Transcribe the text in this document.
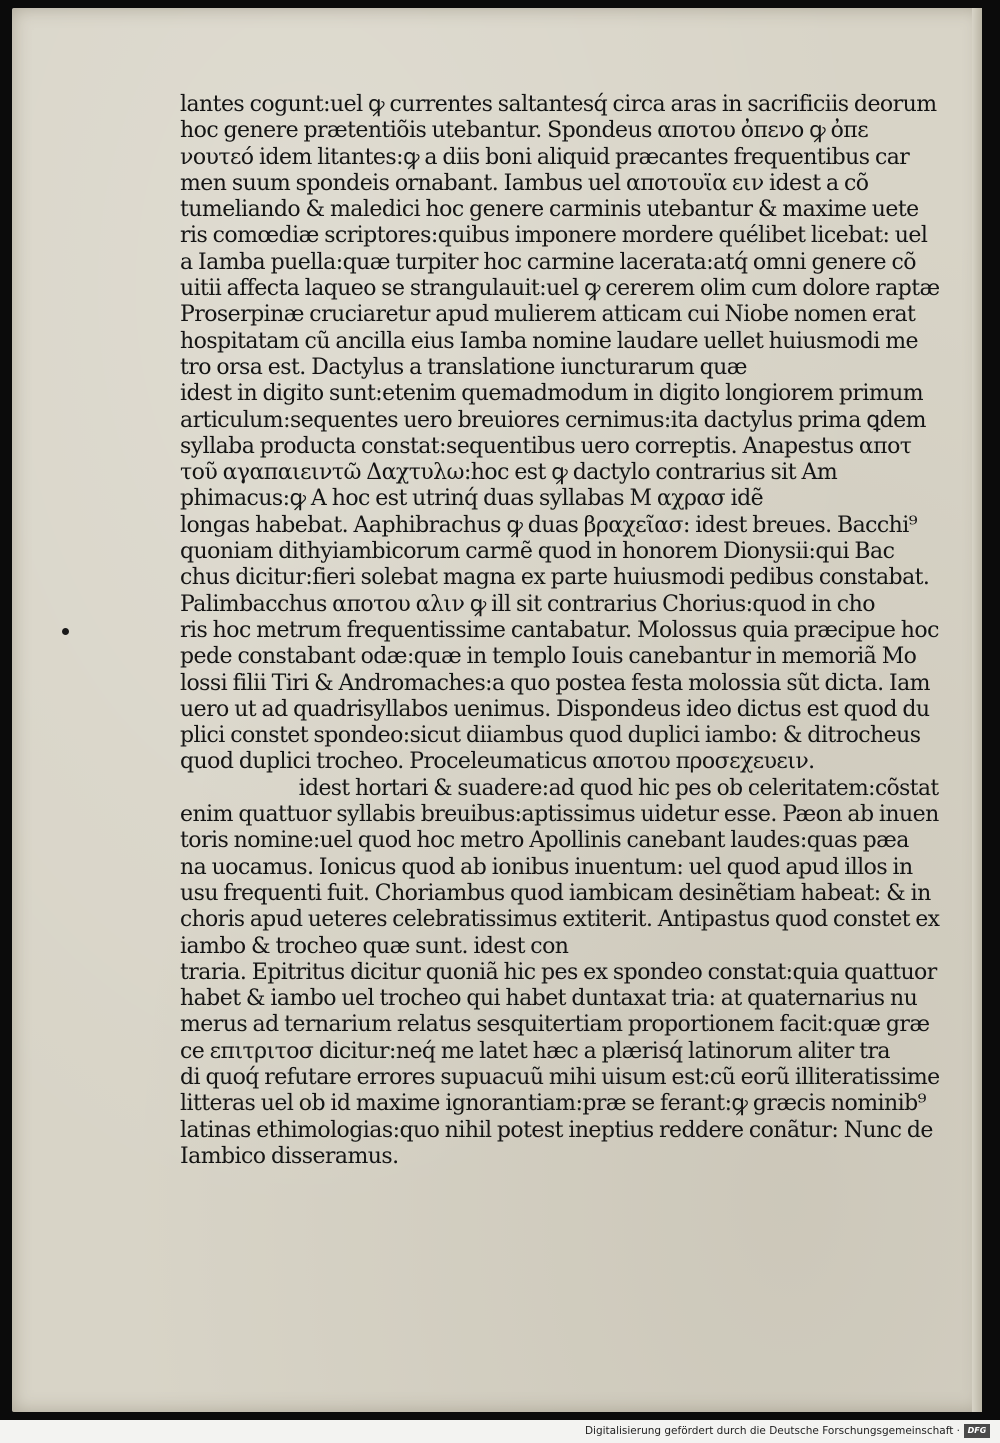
lantes cogunt:uel ꝙ currentes saltantesq́ circa aras in sacrificiis deorum
hoc genere prætentiõis utebantur. Spondeus αποτου ὀπενο ꝙ ὀπε
νουτεό idem litantes:ꝙ a diis boni aliquid præcantes frequentibus car
men suum spondeis ornabant. Iambus uel αποτουϊα ειν idest a cõ
tumeliando & maledici hoc genere carminis utebantur & maxime uete
ris comœdiæ scriptores:quibus imponere mordere quélibet licebat: uel
a Iamba puella:quæ turpiter hoc carmine lacerata:atq́ omni genere cõ
uitii affecta laqueo se strangulauit:uel ꝙ cererem olim cum dolore raptæ
Proserpinæ cruciaretur apud mulierem atticam cui Niobe nomen erat
hospitatam cũ ancilla eius Iamba nomine laudare uellet huiusmodi me
tro orsa est. Dactylus a translatione iuncturarum quæ
idest in digito sunt:etenim quemadmodum in digito longiorem primum
articulum:sequentes uero breuiores cernimus:ita dactylus prima ꝗdem
syllaba producta constat:sequentibus uero correptis. Anapestus αποτ
τοῦ αγαπαιειντῶ Δαχτυλω:hoc est ꝙ dactylo contrarius sit Am
phimacus:ꝙ A hoc est utrinq́ duas syllabas Μ αχρασ idẽ
longas habebat. Aaphibrachus ꝙ duas βραχεῖασ: idest breues. Bacchi⁹
quoniam dithyiambicorum carmẽ quod in honorem Dionysii:qui Bac
chus dicitur:fieri solebat magna ex parte huiusmodi pedibus constabat.
Palimbacchus αποτου αλιν ꝙ ill sit contrarius Chorius:quod in cho
ris hoc metrum frequentissime cantabatur. Molossus quia præcipue hoc
pede constabant odæ:quæ in templo Iouis canebantur in memoriã Mo
lossi filii Tiri & Andromaches:a quo postea festa molossia sũt dicta. Iam
uero ut ad quadrisyllabos uenimus. Dispondeus ideo dictus est quod du
plici constet spondeo:sicut diiambus quod duplici iambo: & ditrocheus
quod duplici trocheo. Proceleumaticus αποτου προσεχευειν.
idest hortari & suadere:ad quod hic pes ob celeritatem:cõstat
enim quattuor syllabis breuibus:aptissimus uidetur esse. Pæon ab inuen
toris nomine:uel quod hoc metro Apollinis canebant laudes:quas pæa
na uocamus. Ionicus quod ab ionibus inuentum: uel quod apud illos in
usu frequenti fuit. Choriambus quod iambicam desinẽtiam habeat: & in
choris apud ueteres celebratissimus extiterit. Antipastus quod constet ex
iambo & trocheo quæ sunt. idest con
traria. Epitritus dicitur quoniã hic pes ex spondeo constat:quia quattuor
habet & iambo uel trocheo qui habet duntaxat tria: at quaternarius nu
merus ad ternarium relatus sesquitertiam proportionem facit:quæ græ
ce επιτριτοσ dicitur:neq́ me latet hæc a plærisq́ latinorum aliter tra
di quoq́ refutare errores supuacuũ mihi uisum est:cũ eorũ illiteratissime
litteras uel ob id maxime ignorantiam:præ se ferant:ꝙ græcis nominib⁹
latinas ethimologias:quo nihil potest ineptius reddere conãtur: Nunc de
Iambico disseramus.
Digitalisierung gefördert durch die Deutsche Forschungsgemeinschaft · DFG
